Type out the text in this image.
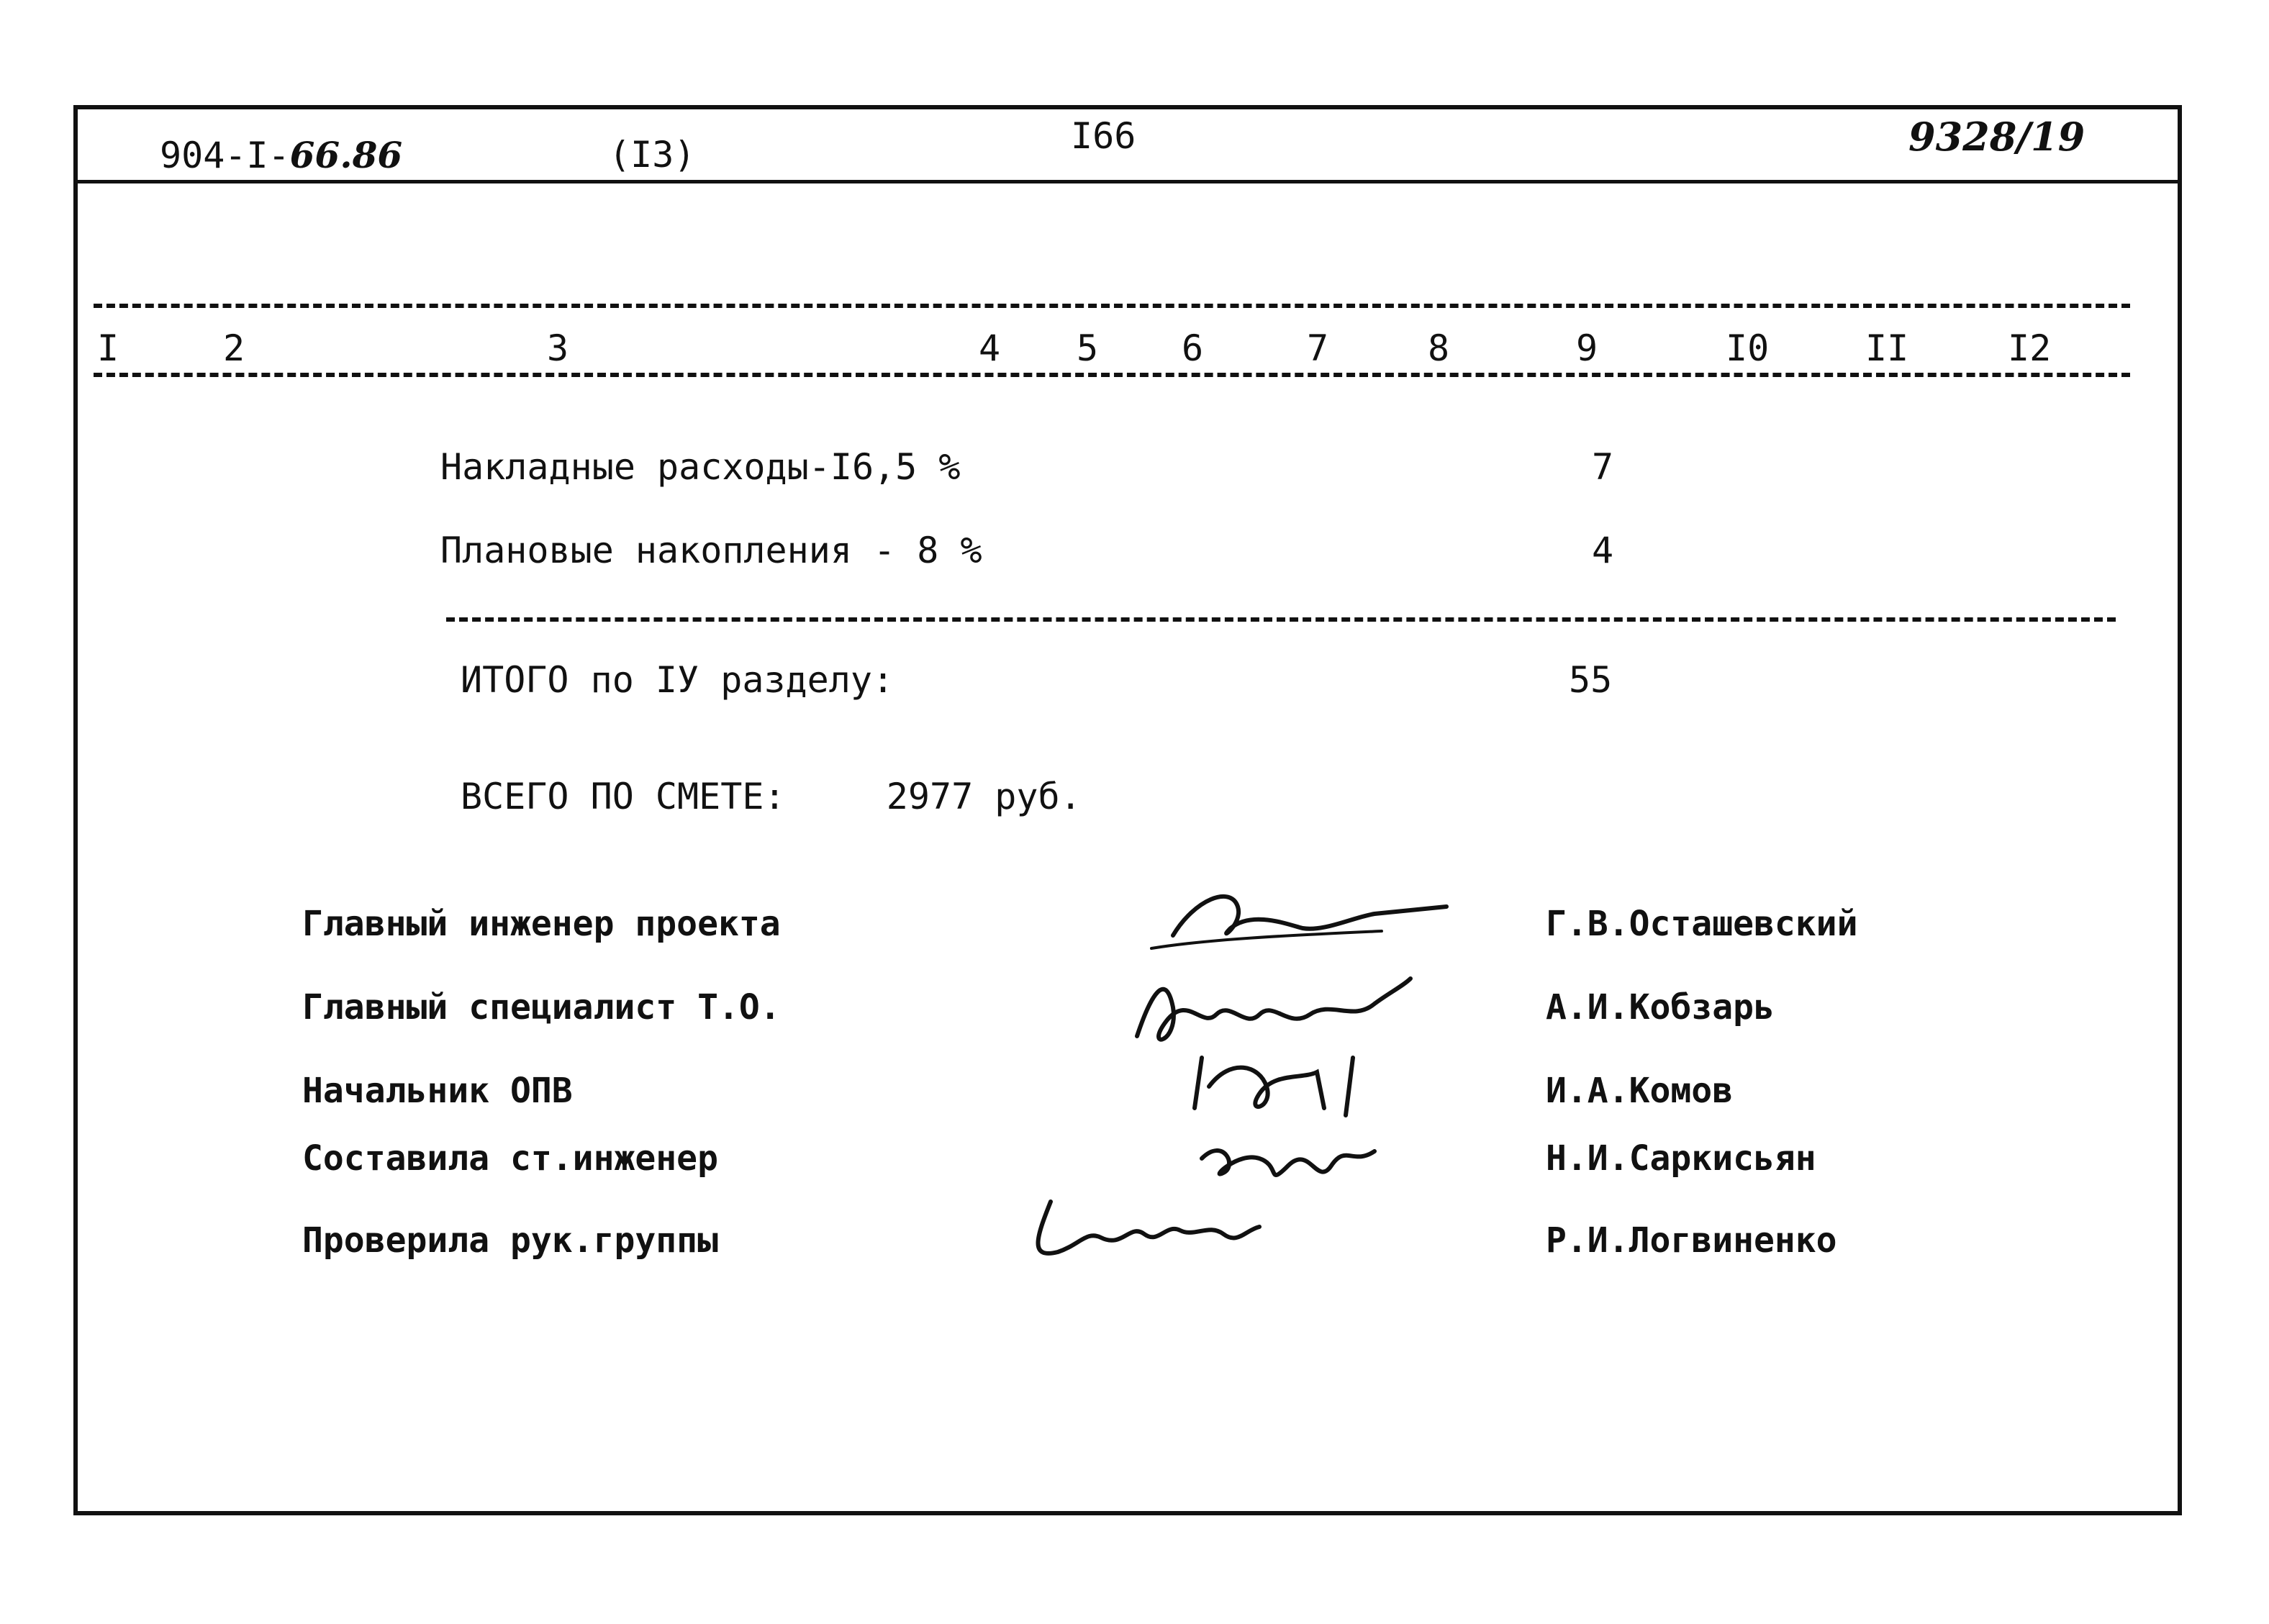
904-I-66.86	(I3)	I66	9328/19
I	2	3	4 5 6	7	8	9	I0	II	I2
Накладные расходы-I6,5 %	7
Плановые накопления - 8 %	4
ИТОГО по IУ разделу:	55
ВСЕГО ПО СМЕТЕ:	2977 руб.
Главный инженер проекта	Г.В.Осташевский
Главный специалист Т.О.	А.И.Кобзарь
Начальник ОПВ	И.А.Комов
Составила ст.инженер	Н.И.Саркисьян
Проверила рук.группы	Р.И.Логвиненко
